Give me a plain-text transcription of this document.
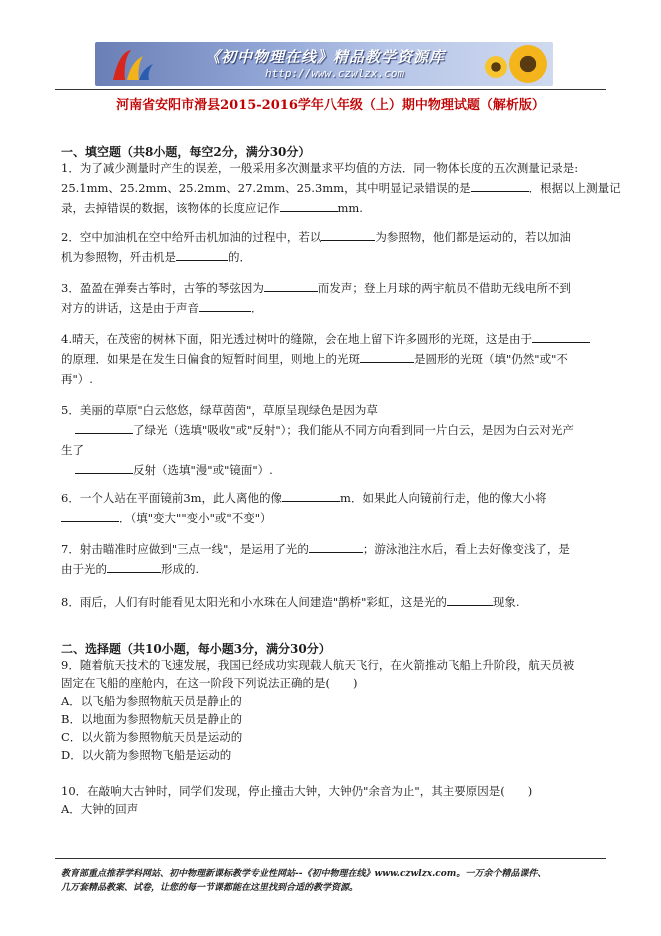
《初中物理在线》精品教学资源库
http://www.czwlzx.com
河南省安阳市滑县2015-2016学年八年级（上）期中物理试题（解析版）
一、填空题（共8小题，每空2分，满分30分）
1．为了减少测量时产生的误差，一般采用多次测量求平均值的方法．同一物体长度的五次测量记录是:
25.1mm、25.2mm、25.2mm、27.2mm、25.3mm，其中明显记录错误的是	．根据以上测量记
录，去掉错误的数据，该物体的长度应记作	mm.
2．空中加油机在空中给歼击机加油的过程中，若以	为参照物，他们都是运动的，若以加油
机为参照物，歼击机是	的．
3．盈盈在弹奏古筝时，古筝的琴弦因为	而发声；登上月球的两宇航员不借助无线电所不到
对方的讲话，这是由于声音	．
4.晴天，在茂密的树林下面，阳光透过树叶的缝隙，会在地上留下许多圆形的光斑，这是由于
的原理．如果是在发生日偏食的短暂时间里，则地上的光斑	是圆形的光斑（填"仍然"或"不
再"）.
5．美丽的草原"白云悠悠，绿草茵茵"，草原呈现绿色是因为草
了绿光（选填"吸收"或"反射"）；我们能从不同方向看到同一片白云，是因为白云对光产
生了
反射（选填"漫"或"镜面"）.
6．一个人站在平面镜前3m，此人离他的像	m．如果此人向镜前行走，他的像大小将
．（填"变大""变小"或"不变"）
7．射击瞄准时应做到"三点一线"，是运用了光的	；游泳池注水后，看上去好像变浅了，是
由于光的	形成的.
8．雨后，人们有时能看见太阳光和小水珠在人间建造"鹊桥"彩虹，这是光的	现象.
二、选择题（共10小题，每小题3分，满分30分）
9．随着航天技术的飞速发展，我国已经成功实现载人航天飞行，在火箭推动飞船上升阶段，航天员被
固定在飞船的座舱内，在这一阶段下列说法正确的是(　　)
A．以飞船为参照物航天员是静止的
B．以地面为参照物航天员是静止的
C．以火箭为参照物航天员是运动的
D．以火箭为参照物飞船是运动的
10．在敲响大古钟时，同学们发现，停止撞击大钟，大钟仍"余音为止"，其主要原因是(　　)
A．大钟的回声
教育部重点推荐学科网站、初中物理新课标教学专业性网站--《初中物理在线》www.czwlzx.com。一万余个精品课件、
几万套精品教案、试卷，让您的每一节课都能在这里找到合适的教学资源。
